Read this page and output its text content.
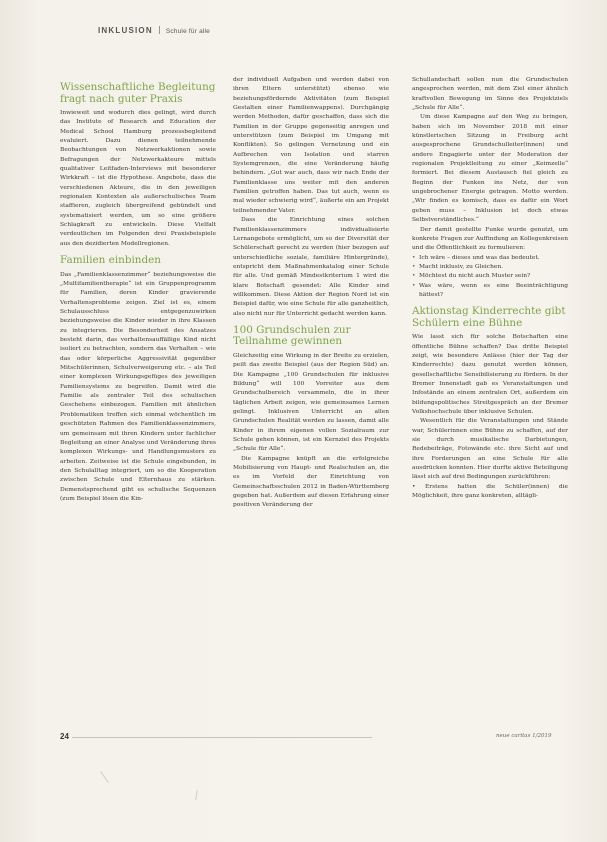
INKLUSION Schule für alle
Wissenschaftliche Begleitung fragt nach guter Praxis

Inwieweit und wodurch dies gelingt, wird durch das Institute of Research and Education der Medical School Hamburg prozessbegleitend evaluiert. Dazu dienen teilnehmende Beobachtungen von Netzwerkaktionen sowie Befragungen der Netzwerkakteure mittels qualitativer Leitfaden-Interviews mit besonderer Wirkkraft – ist die Hypothese. Angebote, dass die verschiedenen Akteure, die in den jeweiligen regionalen Kontexten als außerschulisches Team staffieren, zugleich übergreifend gebündelt und systematisiert werden, um so eine größere Schlagkraft zu entwickeln. Diese Vielfalt verdeutlichen im Folgenden drei Praxisbeispiele aus den dezidierten Modellregionen.

Familien einbinden

Das „Familienklassenzimmer“ beziehungsweise die „Multifamilientherapie“ ist ein Gruppenprogramm für Familien, deren Kinder gravierende Verhaltensprobleme zeigen. Ziel ist es, einem Schulausschluss entgegenzuwirken beziehungsweise die Kinder wieder in ihre Klassen zu integrieren. Die Besonderheit des Ansatzes besteht darin, das verhaltensauffällige Kind nicht isoliert zu betrachten, sondern das Verhalten – wie das oder körperliche Aggressivität gegenüber Mitschülerinnen, Schulverweigerung etc. – als Teil einer komplexen Wirkungsgefüges des jeweiligen Familiensystems zu begreifen. Damit wird die Familie als zentraler Teil des schulischen Geschehens einbezogen. Familien mit ähnlichen Problematiken treffen sich einmal wöchentlich im geschützten Rahmen des Familienklassenzimmers, um gemeinsam mit ihren Kindern unter fachlicher Begleitung an einer Analyse und Veränderung ihres komplexen Wirkungs- und Handlungsmusters zu arbeiten. Zeitweise ist die Schule eingebunden, in den Schulalltag integriert, um so die Kooperation zwischen Schule und Elternhaus zu stärken. Demenstsprechend gibt es schulische Sequenzen (zum Beispiel lösen die Kin-

der individuell Aufgaben und werden dabei von ihren Eltern unterstützt) ebenso wie beziehungsfördernde Aktivitäten (zum Beispiel Gestalten einer Familienwappens). Durchgängig werden Methoden, dafür geschaffen, dass sich die Familien in der Gruppe gegenseitig anregen und unterstützen (zum Beispiel im Umgang mit Konflikten). So gelingen Vernetzung und ein Aufbrechen von Isolation und starren Systemgrenzen, die eine Veränderung häufig behindern. „Gut war auch, dass wir nach Ende der Familienklasse uns weiter mit den anderen Familien getroffen haben. Das tut auch, wenn es mal wieder schwierig wird“, äußerte ein am Projekt teilnehmender Vater.

Dass die Einrichtung eines solchen Familienklassenzimmers individualisierte Lernangebote ermöglicht, um so der Diversität der Schülerschaft gerecht zu werden (hier bezogen auf unterschiedliche soziale, familiäre Hintergründe), entspricht dem Maßnahmenkatalog einer Schule für alle. Und gemäß Mindestkriterium 1 wird die klare Botschaft gesendet: Alle Kinder sind willkommen. Diese Aktion der Region Nord ist ein Beispiel dafür, wie eine Schule für alle ganzheitlich, also nicht nur für Unterricht gedacht werden kann.

100 Grundschulen zur Teilnahme gewinnen

Gleichzeitig eine Wirkung in der Breite zu erzielen, peilt das zweite Beispiel (aus der Region Süd) an. Die Kampagne „100 Grundschulen für inklusive Bildung“ will 100 Vorreiter aus dem Grundschulbereich versammeln, die in ihrer täglichen Arbeit zeigen, wie gemeinsames Lernen gelingt. Inklusiven Unterricht an allen Grundschulen Realität werden zu lassen, damit alle Kinder in ihrem eigenen vollen Sozialraum zur Schule gehen können, ist ein Kernziel des Projekts „Schule für Alle“.

Die Kampagne knüpft an die erfolgreiche Mobilisierung von Haupt- und Realschulen an, die es im Vorfeld der Einrichtung von Gemeinschaftsschulen 2012 in Baden-Württemberg gegeben hat. Außerdem auf diesen Erfahrung einer positiven Veränderung der

Schullandschaft sollen nun die Grundschulen angesprochen werden, mit dem Ziel einer ähnlich kraftvollen Bewegung im Sinne des Projektziels „Schule für Alle“.

Um diese Kampagne auf den Weg zu bringen, haben sich im November 2018 mit einer künstlerischen Sitzung in Freiburg acht ausgesprochene Grundschulleiter(innen) und andere Engagierte unter der Moderation der regionalen Projektleitung zu einer „Keimzelle“ formiert. Bei diesem Austausch fiel gleich zu Beginn der Funken ins Netz, der von ungebrochener Energie getragen. Motto werden. „Wir finden es komisch, dass es dafür ein Wort geben muss – Inklusion ist doch etwas Selbstverständliches.“

Der damit gestellte Funke wurde genutzt, um konkrete Fragen zur Auffindung an Kollegenkreisen und die Öffentlichkeit zu formulieren:

• Ich wäre – dieses und was das bedeutet.
• Macht inklusiv, zu Gleichen.
• Möchtest du nicht auch Muster sein?
• Was wäre, wenn es eine Beeinträchtigung hättest?
Aktionstag Kinderrechte gibt Schülern eine Bühne

Wie lasst sich für solche Botschaften eine öffentliche Bühne schaffen? Das dritte Beispiel zeigt, wie besondere Anlässe (hier der Tag der Kinderrechte) dazu genutzt werden können, gesellschaftliche Sensibilisierung zu fördern. In der Bremer Innenstadt gab es Veranstaltungen und Infostände an einem zentralen Ort, außerdem ein bildungspolitisches Streitgespräch an der Bremer Volkshochschule über inklusive Schulen.

Wesentlich für die Veranstaltungen und Stände war, Schülerinnen eine Bühne zu schaffen, auf der sie durch musikalische Darbietungen, Redebeiträge, Fotowände etc. ihre Sicht auf und ihre Forderungen an eine Schule für alle ausdrücken konnten. Hier durfte aktive Beteiligung lässt sich auf drei Bedingungen zurückführen:

• Erstens hatten die Schüler(innen) die Möglichkeit, ihre ganz konkreten, alltägli-

24	neue caritas 1/2019
